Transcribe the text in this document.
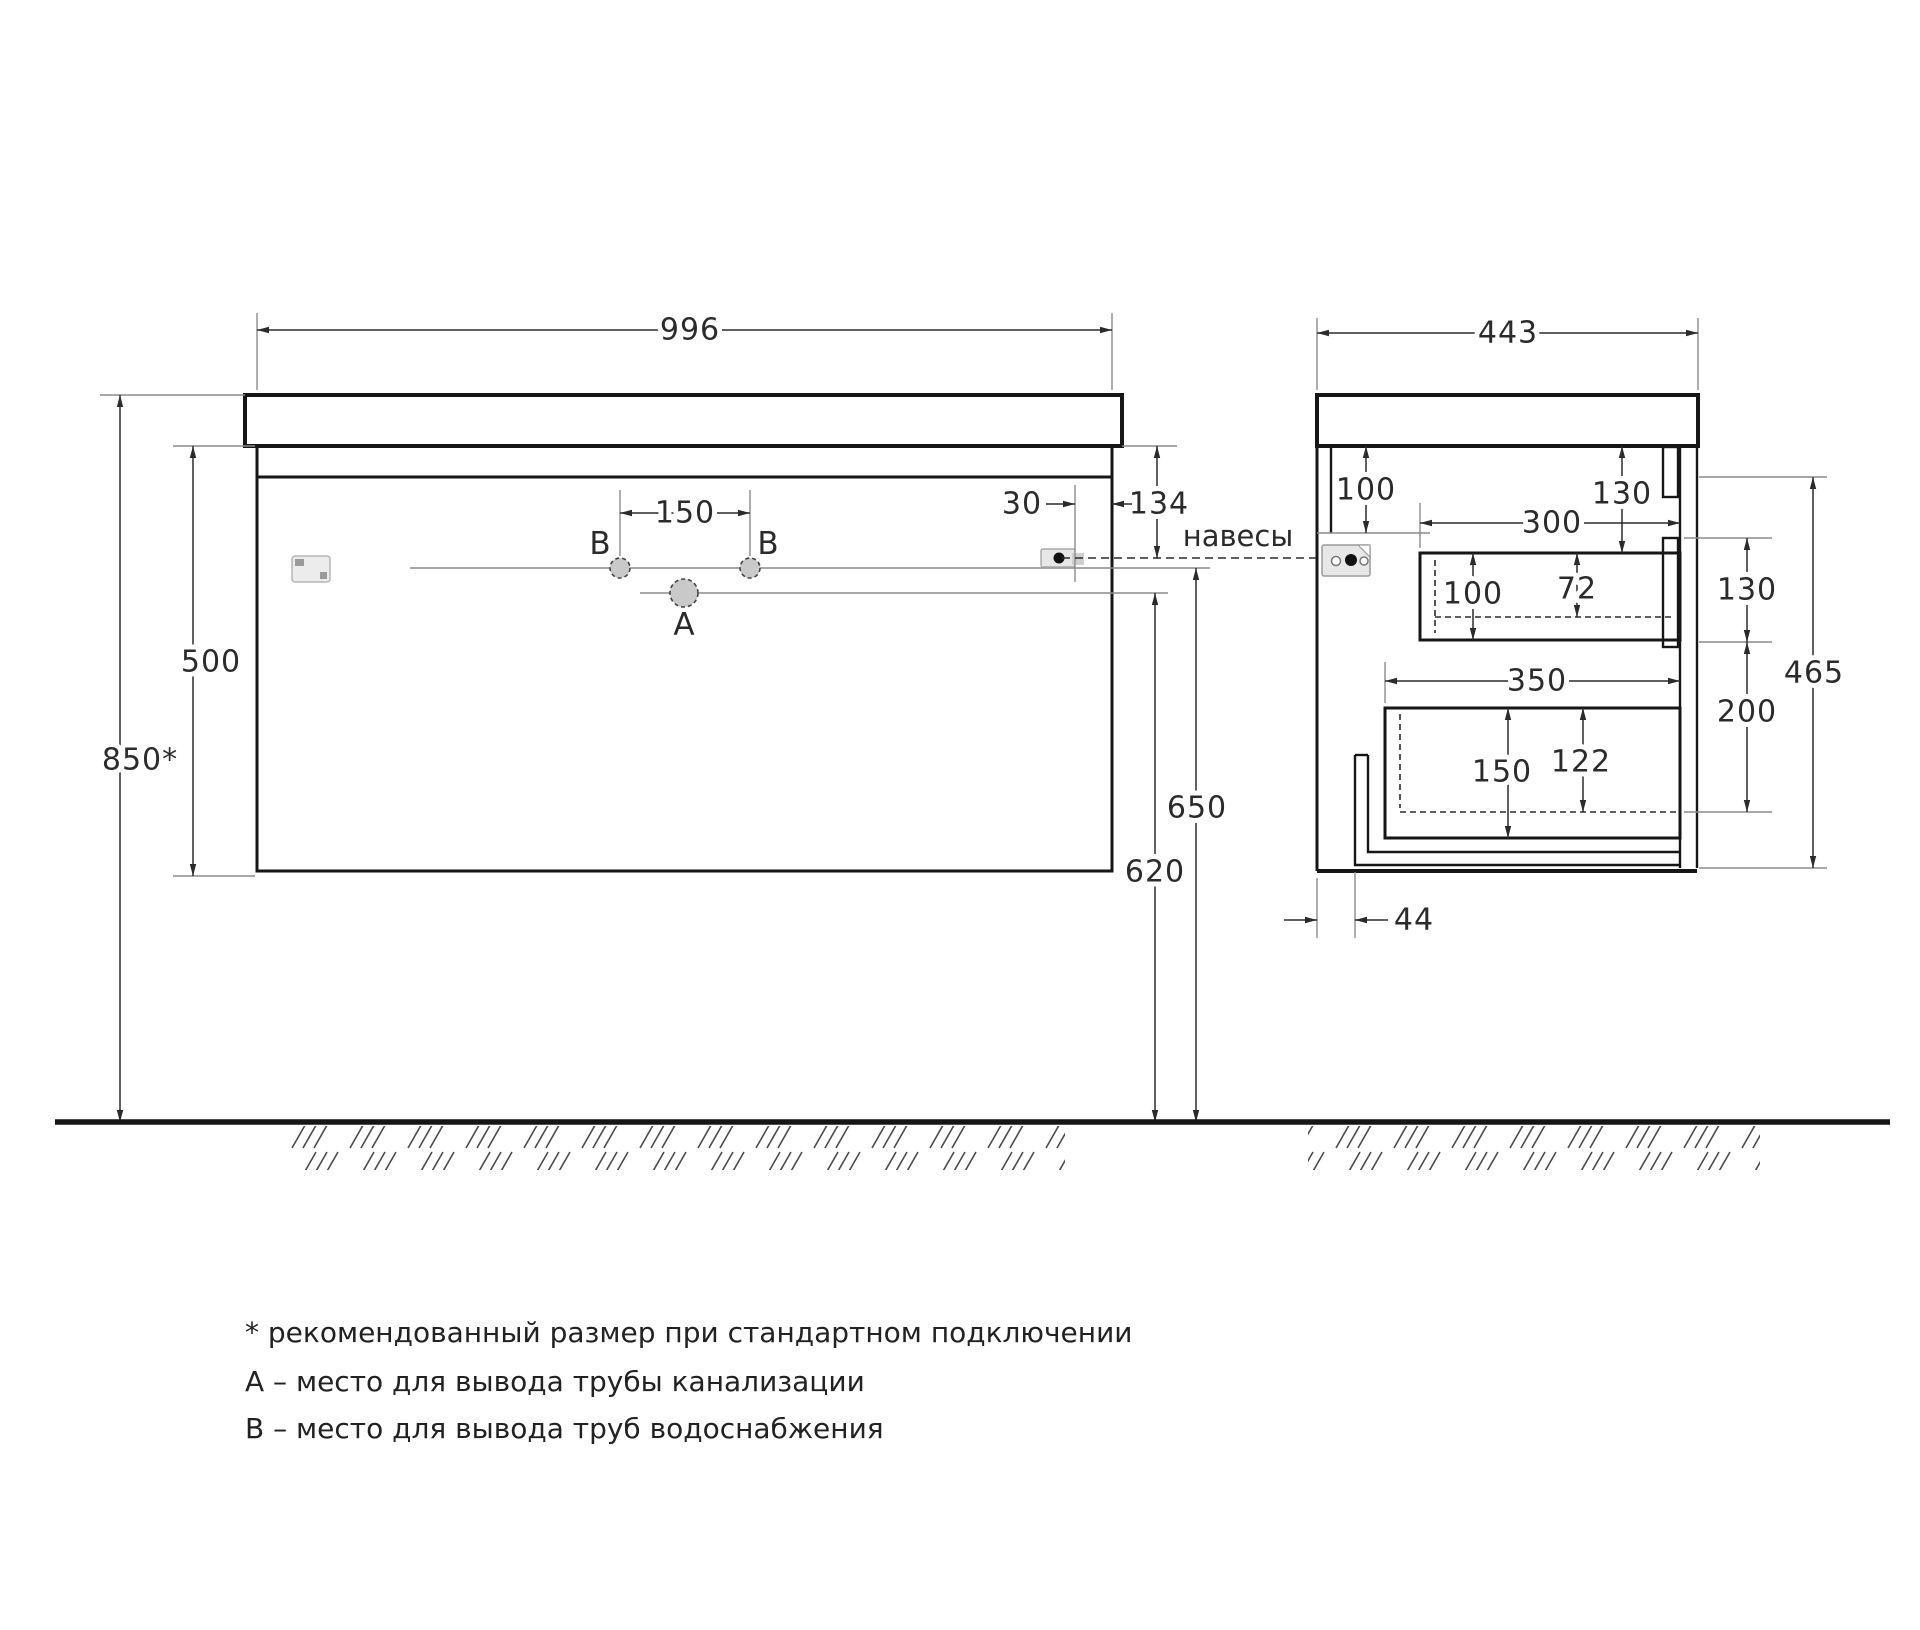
150
B	B
A
996
850*
500
30	134
навесы
650
620
443
100	130
300
100 72	130
200
465
350
150 122
44
* рекомендованный размер при стандартном подключении
А – место для вывода трубы канализации
В – место для вывода труб водоснабжения
